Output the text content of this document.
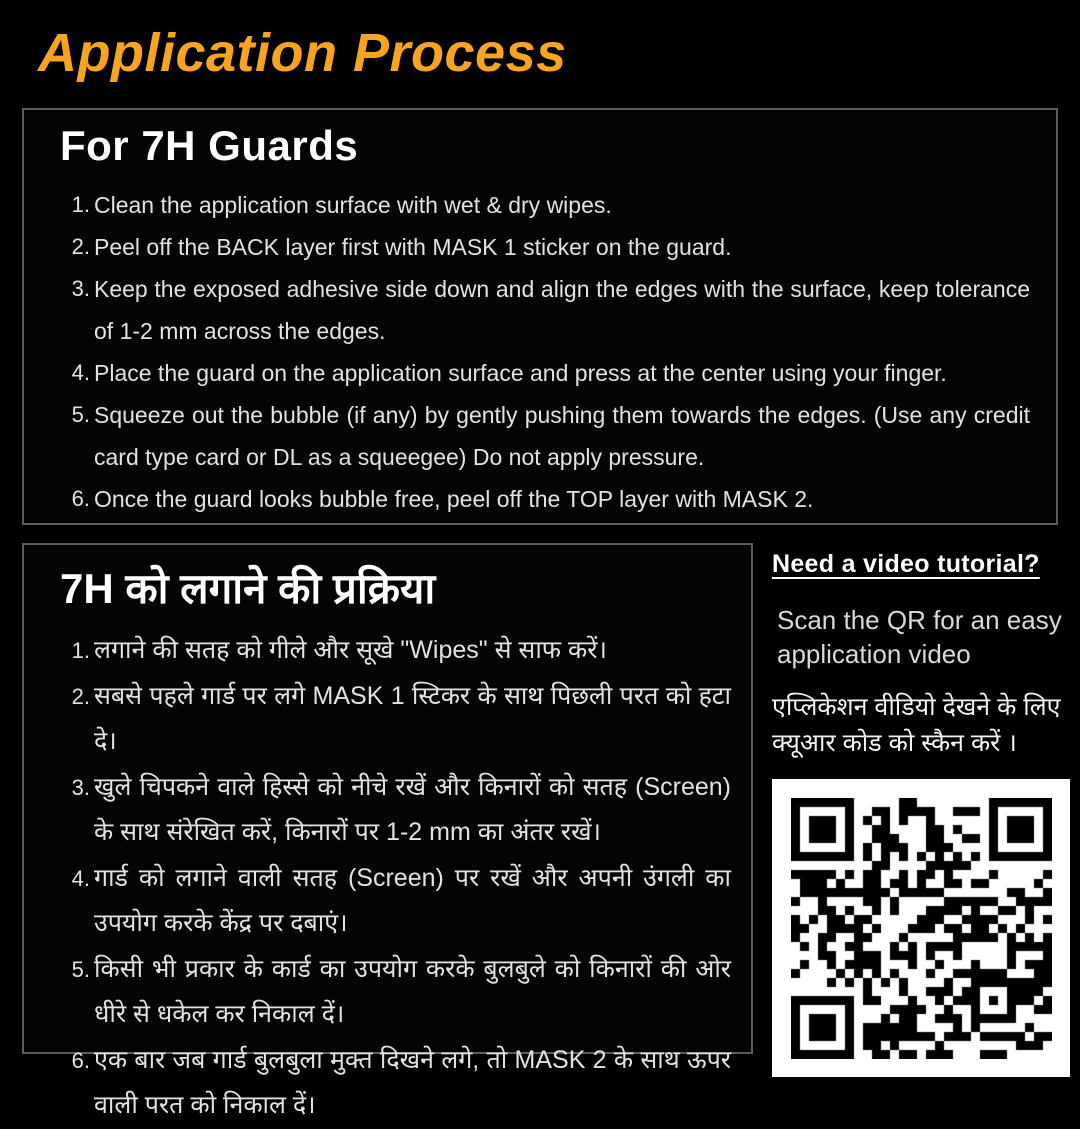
Application Process
For 7H Guards
Clean the application surface with wet & dry wipes.
Peel off the BACK layer first with MASK 1 sticker on the guard.
Keep the exposed adhesive side down and align the edges with the surface, keep tolerance of 1-2 mm across the edges.
Place the guard on the application surface and press at the center using your finger.
Squeeze out the bubble (if any) by gently pushing them towards the edges. (Use any credit card type card or DL as a squeegee) Do not apply pressure.
Once the guard looks bubble free, peel off the TOP layer with MASK 2.
7H को लगाने की प्रक्रिया
लगाने की सतह को गीले और सूखे "Wipes" से साफ करें।
सबसे पहले गार्ड पर लगे MASK 1 स्टिकर के साथ पिछली परत को हटा दे।
खुले चिपकने वाले हिस्से को नीचे रखें और किनारों को सतह (Screen) के साथ संरेखित करें, किनारों पर 1-2 mm का अंतर रखें।
गार्ड को लगाने वाली सतह (Screen) पर रखें और अपनी उंगली का उपयोग करके केंद्र पर दबाएं।
किसी भी प्रकार के कार्ड का उपयोग करके बुलबुले को किनारों की ओर धीरे से धकेल कर निकाल दें।
एक बार जब गार्ड बुलबुला मुक्त दिखने लगे, तो MASK 2 के साथ ऊपर वाली परत को निकाल दें।
Need a video tutorial?

Scan the QR for an easy application video

एप्लिकेशन वीडियो देखने के लिए क्यूआर कोड को स्कैन करें ।
